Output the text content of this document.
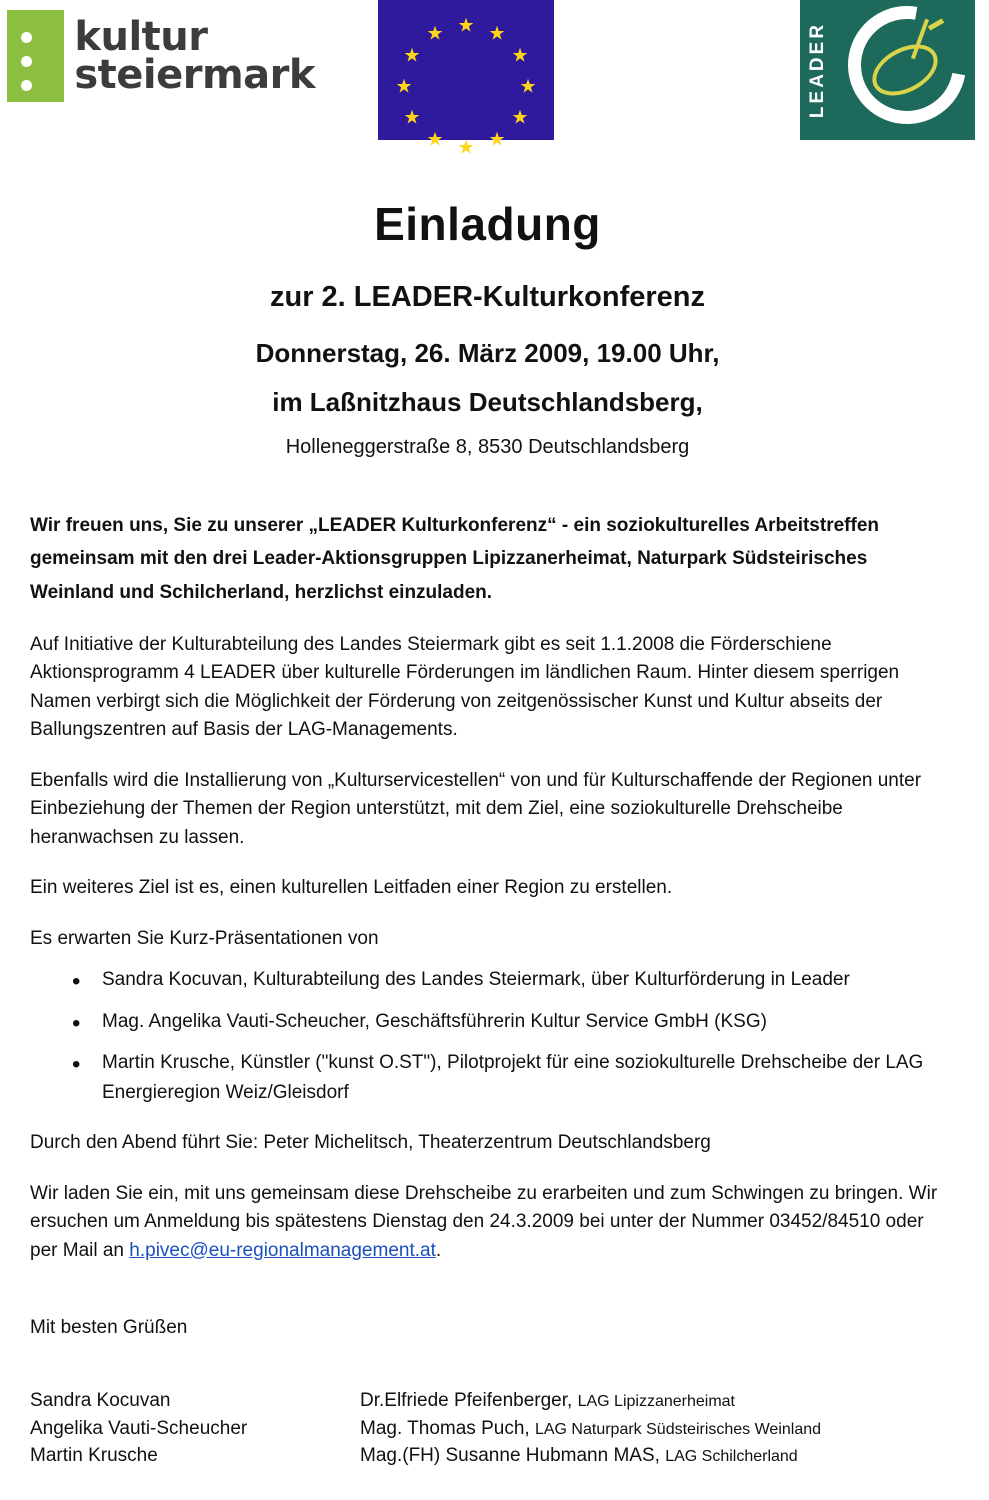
kultur
steiermark
★ ★
★
★
★
★
★
★
★
★
★
★	LEADER
Einladung
zur 2. LEADER-Kulturkonferenz
Donnerstag, 26. März 2009, 19.00 Uhr,
im Laßnitzhaus Deutschlandsberg,
Holleneggerstraße 8, 8530 Deutschlandsberg

Wir freuen uns, Sie zu unserer „LEADER Kulturkonferenz“ - ein soziokulturelles Arbeitstreffen gemeinsam mit den drei Leader-Aktionsgruppen Lipizzanerheimat, Naturpark Südsteirisches Weinland und Schilcherland, herzlichst einzuladen.

Auf Initiative der Kulturabteilung des Landes Steiermark gibt es seit 1.1.2008 die Förderschiene Aktionsprogramm 4 LEADER über kulturelle Förderungen im ländlichen Raum. Hinter diesem sperrigen Namen verbirgt sich die Möglichkeit der Förderung von zeitgenössischer Kunst und Kultur abseits der Ballungszentren auf Basis der LAG-Managements.

Ebenfalls wird die Installierung von „Kulturservicestellen“ von und für Kulturschaffende der Regionen unter Einbeziehung der Themen der Region unterstützt, mit dem Ziel, eine soziokulturelle Drehscheibe heranwachsen zu lassen.

Ein weiteres Ziel ist es, einen kulturellen Leitfaden einer Region zu erstellen.

Es erwarten Sie Kurz-Präsentationen von

• Sandra Kocuvan, Kulturabteilung des Landes Steiermark, über Kulturförderung in Leader
• Mag. Angelika Vauti-Scheucher, Geschäftsführerin Kultur Service GmbH (KSG)
• Martin Krusche, Künstler ("kunst O.ST"), Pilotprojekt für eine soziokulturelle Drehscheibe der LAG Energieregion Weiz/Gleisdorf

Durch den Abend führt Sie: Peter Michelitsch, Theaterzentrum Deutschlandsberg

Wir laden Sie ein, mit uns gemeinsam diese Drehscheibe zu erarbeiten und zum Schwingen zu bringen. Wir ersuchen um Anmeldung bis spätestens Dienstag den 24.3.2009 bei unter der Nummer 03452/84510 oder per Mail an h.pivec@eu-regionalmanagement.at.

Mit besten Grüßen

Sandra Kocuvan
Angelika Vauti-Scheucher
Martin Krusche
Dr.Elfriede Pfeifenberger, LAG Lipizzanerheimat
Mag. Thomas Puch, LAG Naturpark Südsteirisches Weinland
Mag.(FH) Susanne Hubmann MAS, LAG Schilcherland
